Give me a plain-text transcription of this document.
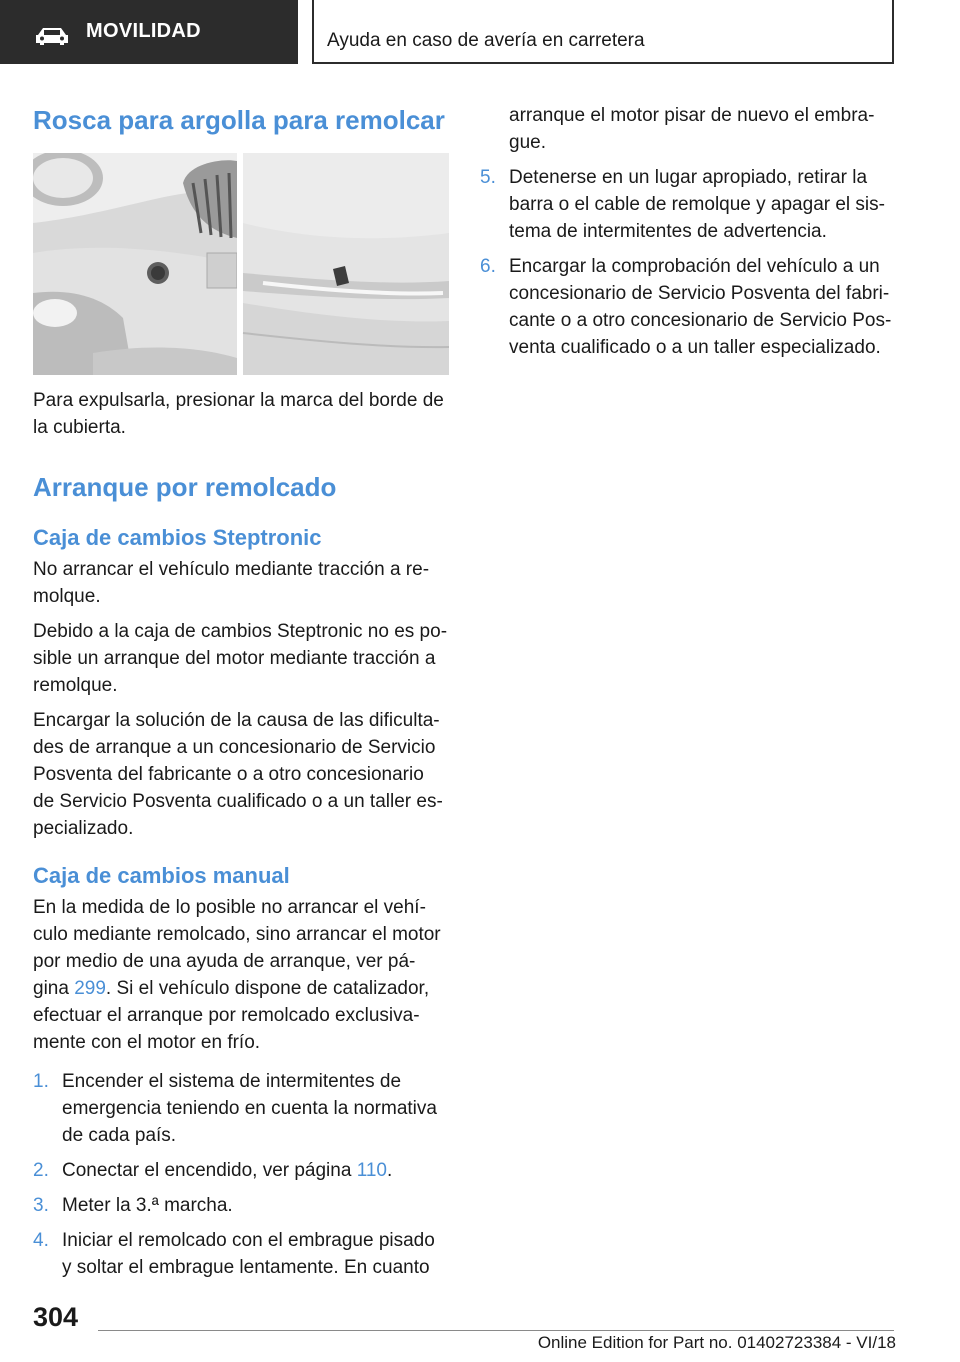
MOVILIDAD	Ayuda en caso de avería en carretera
Rosca para argolla para remolcar

Para expulsarla, presionar la marca del borde de la cubierta.

Arranque por remolcado
Caja de cambios Steptronic

No arrancar el vehículo mediante tracción a re‐ molque.

Debido a la caja de cambios Steptronic no es po‐ sible un arranque del motor mediante tracción a remolque.

Encargar la solución de la causa de las dificulta‐ des de arranque a un concesionario de Servicio Posventa del fabricante o a otro concesionario de Servicio Posventa cualificado o a un taller es‐ pecializado.

Caja de cambios manual

En la medida de lo posible no arrancar el vehí‐ culo mediante remolcado, sino arrancar el motor por medio de una ayuda de arranque, ver pá‐ gina 299. Si el vehículo dispone de catalizador, efectuar el arranque por remolcado exclusiva‐ mente con el motor en frío.

1. Encender el sistema de intermitentes de emergencia teniendo en cuenta la normativa de cada país.
2. Conectar el encendido, ver página 110.
3. Meter la 3.ª marcha.
4. Iniciar el remolcado con el embrague pisado y soltar el embrague lentamente. En cuanto
arranque el motor pisar de nuevo el embra‐ gue.
5. Detenerse en un lugar apropiado, retirar la barra o el cable de remolque y apagar el sis‐ tema de intermitentes de advertencia.
6. Encargar la comprobación del vehículo a un concesionario de Servicio Posventa del fabri‐ cante o a otro concesionario de Servicio Pos‐ venta cualificado o a un taller especializado.
304
Online Edition for Part no. 01402723384 - VI/18
